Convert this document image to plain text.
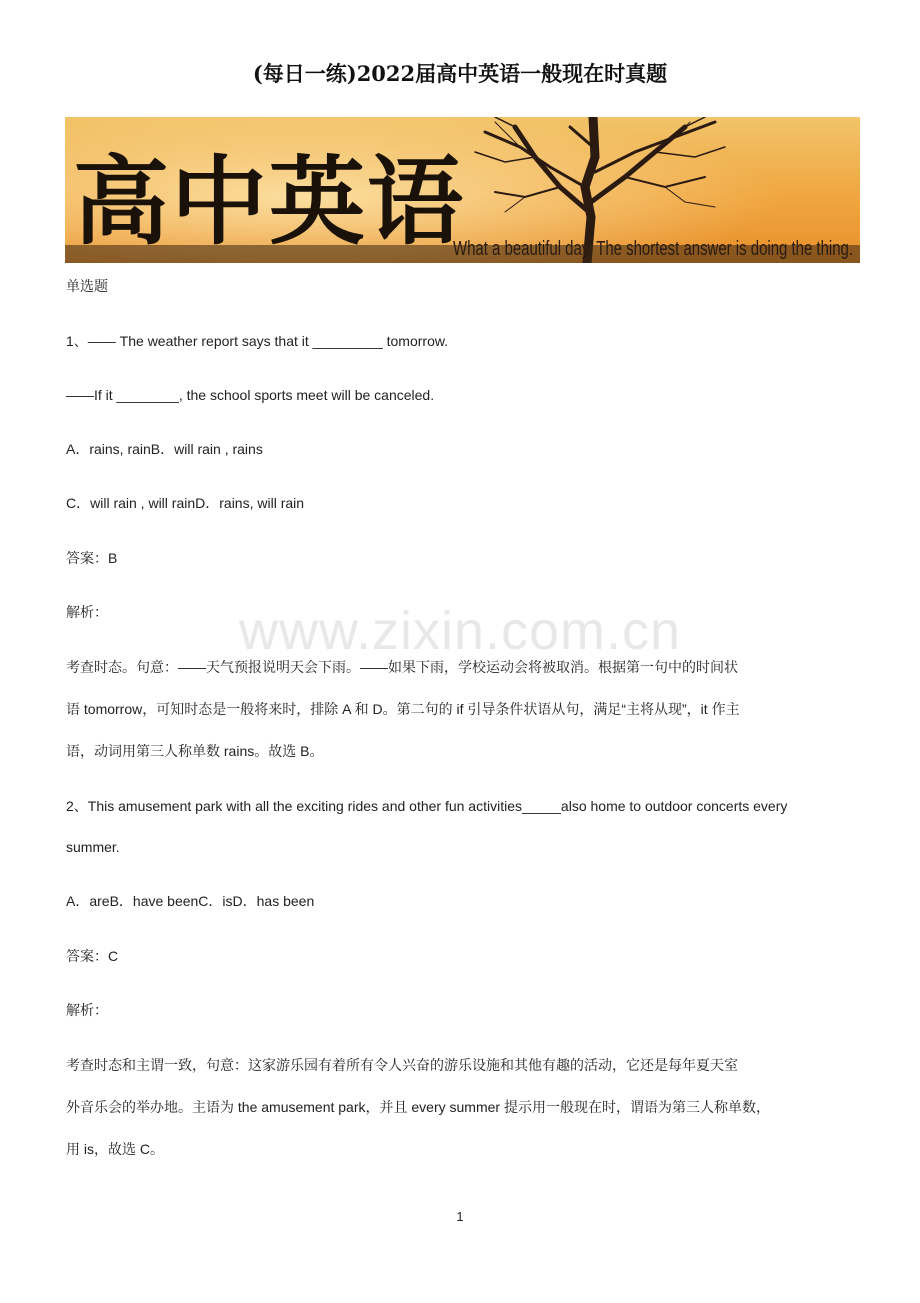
(每日一练)2022届高中英语一般现在时真题
高中英语
What a beautiful day. The shortest answer is doing the thing.
单选题
www.zixin.com.cn
1、—— The weather report says that it _________ tomorrow.
——If it ________, the school sports meet will be canceled.
A．rains, rainB．will rain , rains
C．will rain , will rainD．rains, will rain
答案：B
解析：
考查时态。句意：——天气预报说明天会下雨。——如果下雨，学校运动会将被取消。根据第一句中的时间状
语 tomorrow，可知时态是一般将来时，排除 A 和 D。第二句的 if 引导条件状语从句，满足“主将从现”，it 作主
语，动词用第三人称单数 rains。故选 B。
2、This amusement park with all the exciting rides and other fun activities_____also home to outdoor concerts every
summer.
A．areB．have beenC．isD．has been
答案：C
解析：
考查时态和主谓一致，句意：这家游乐园有着所有令人兴奋的游乐设施和其他有趣的活动，它还是每年夏天室
外音乐会的举办地。主语为 the amusement park，并且 every summer 提示用一般现在时，谓语为第三人称单数，
用 is，故选 C。
1
